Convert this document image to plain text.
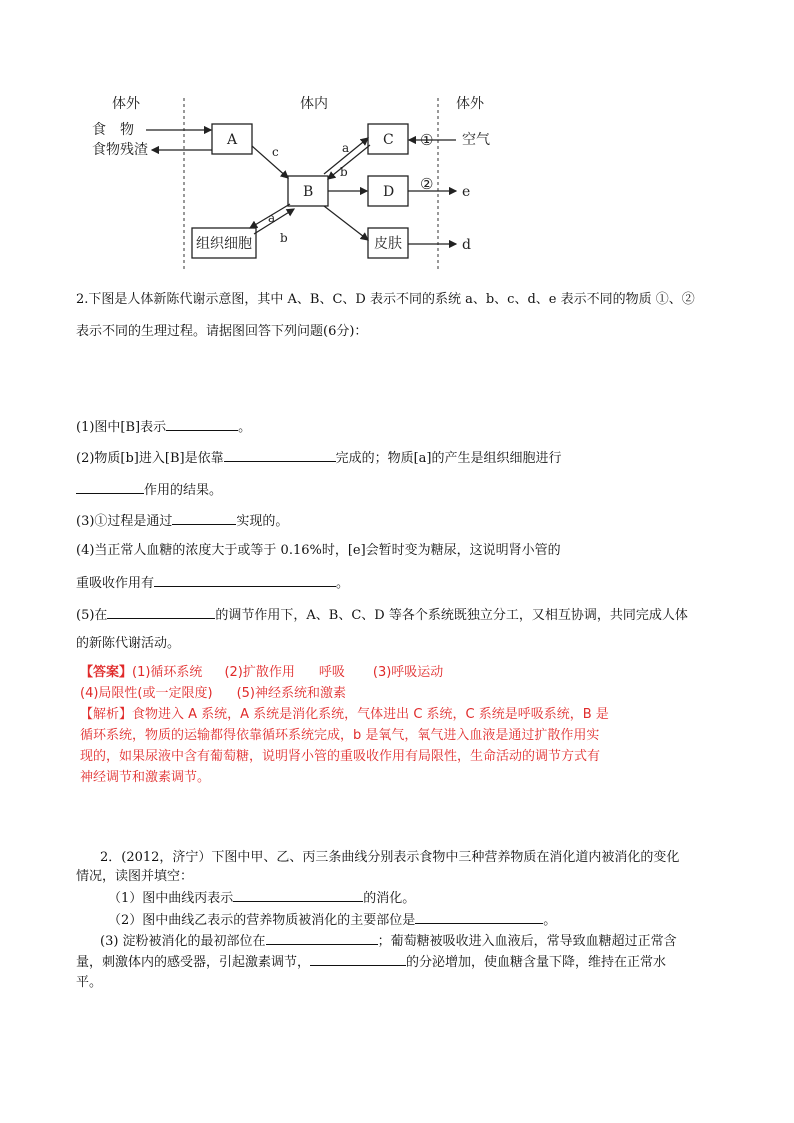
体外	体内	体外
食　物
食物残渣
A	C
B	D
组织细胞	皮肤
c	a
b
a
b
①
②
空气
e
d
2.下图是人体新陈代谢示意图，其中 A、B、C、D 表示不同的系统 a、b、c、d、e 表示不同的物质 ①、②
表示不同的生理过程。请据图回答下列问题(6分)：
(1)图中[B]表示	。
(2)物质[b]进入[B]是依靠	完成的；物质[a]的产生是组织细胞进行
作用的结果。
(3)①过程是通过	实现的。
(4)当正常人血糖的浓度大于或等于 0.16%时，[e]会暂时变为糖尿，这说明肾小管的
重吸收作用有	。
(5)在	的调节作用下，A、B、C、D 等各个系统既独立分工，又相互协调，共同完成人体
的新陈代谢活动。
【答案】(1)循环系统 (2)扩散作用 呼吸 (3)呼吸运动
(4)局限性(或一定限度) (5)神经系统和激素
【解析】食物进入 A 系统，A 系统是消化系统，气体进出 C 系统，C 系统是呼吸系统，B 是
循环系统，物质的运输都得依靠循环系统完成，b 是氧气，氧气进入血液是通过扩散作用实
现的，如果尿液中含有葡萄糖，说明肾小管的重吸收作用有局限性，生命活动的调节方式有
神经调节和激素调节。
2．(2012，济宁）下图中甲、乙、丙三条曲线分别表示食物中三种营养物质在消化道内被消化的变化
情况，读图并填空：
（1）图中曲线丙表示	的消化。
（2）图中曲线乙表示的营养物质被消化的主要部位是	。
(3) 淀粉被消化的最初部位在	；葡萄糖被吸收进入血液后，常导致血糖超过正常含
量，刺激体内的感受器，引起激素调节，	的分泌增加，使血糖含量下降，维持在正常水
平。
